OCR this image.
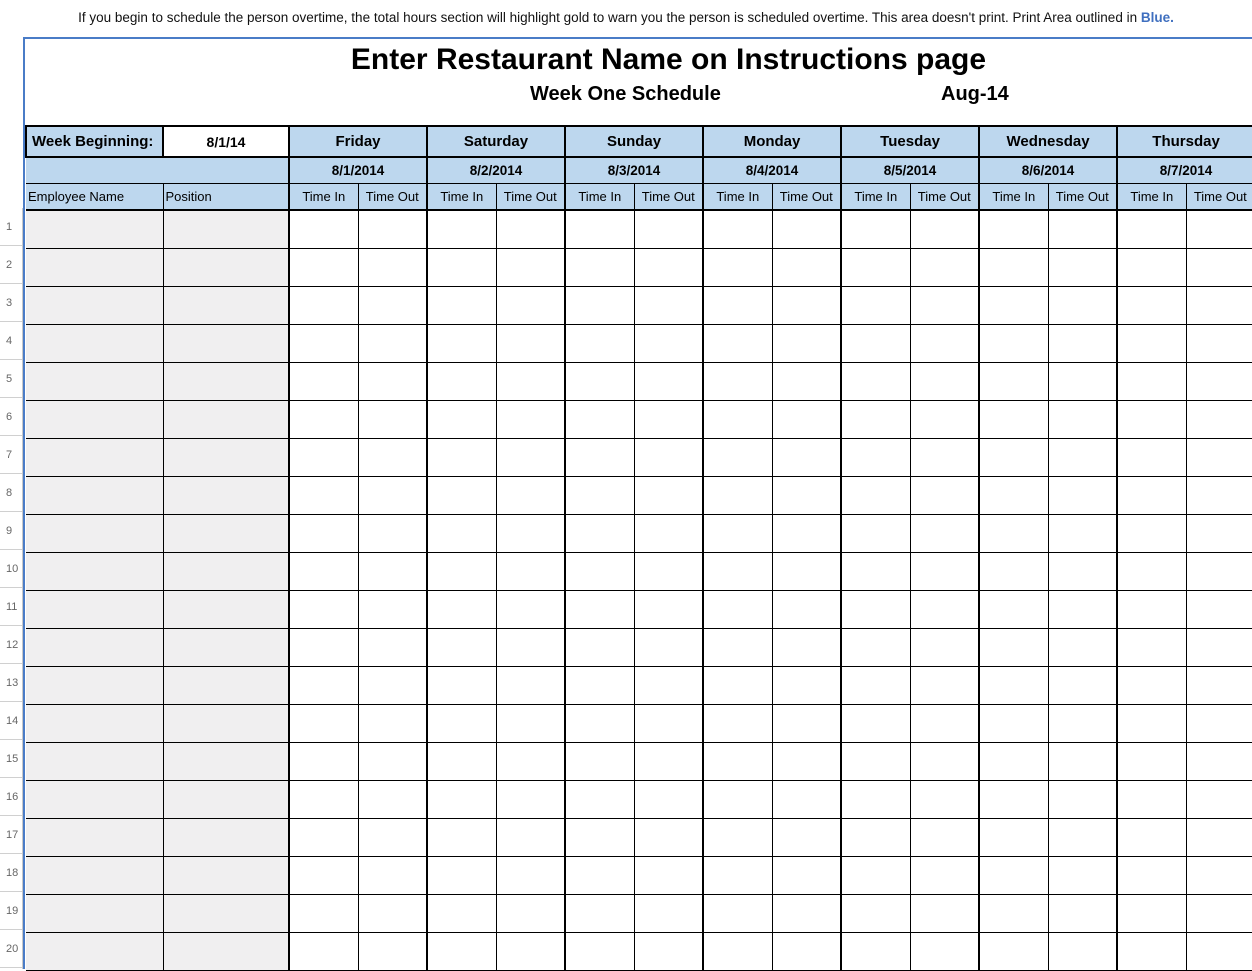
If you begin to schedule the person overtime, the total hours section will highlight gold to warn you the person is scheduled overtime. This area doesn't print. Print Area outlined in Blue.
1
2
3
4
5
6
7
8
9
10
11
12
13
14
15
16
17
18
19
20
Enter Restaurant Name on Instructions page
Week One Schedule	Aug-14
Week Beginning:	8/1/14	Friday		Saturday		Sunday		Monday		Tuesday		Wednesday		Thursday	
		8/1/2014		8/2/2014		8/3/2014		8/4/2014		8/5/2014		8/6/2014		8/7/2014	
Employee Name	Position	Time In	Time Out	Time In	Time Out	Time In	Time Out	Time In	Time Out	Time In	Time Out	Time In	Time Out	Time In	Time Out
